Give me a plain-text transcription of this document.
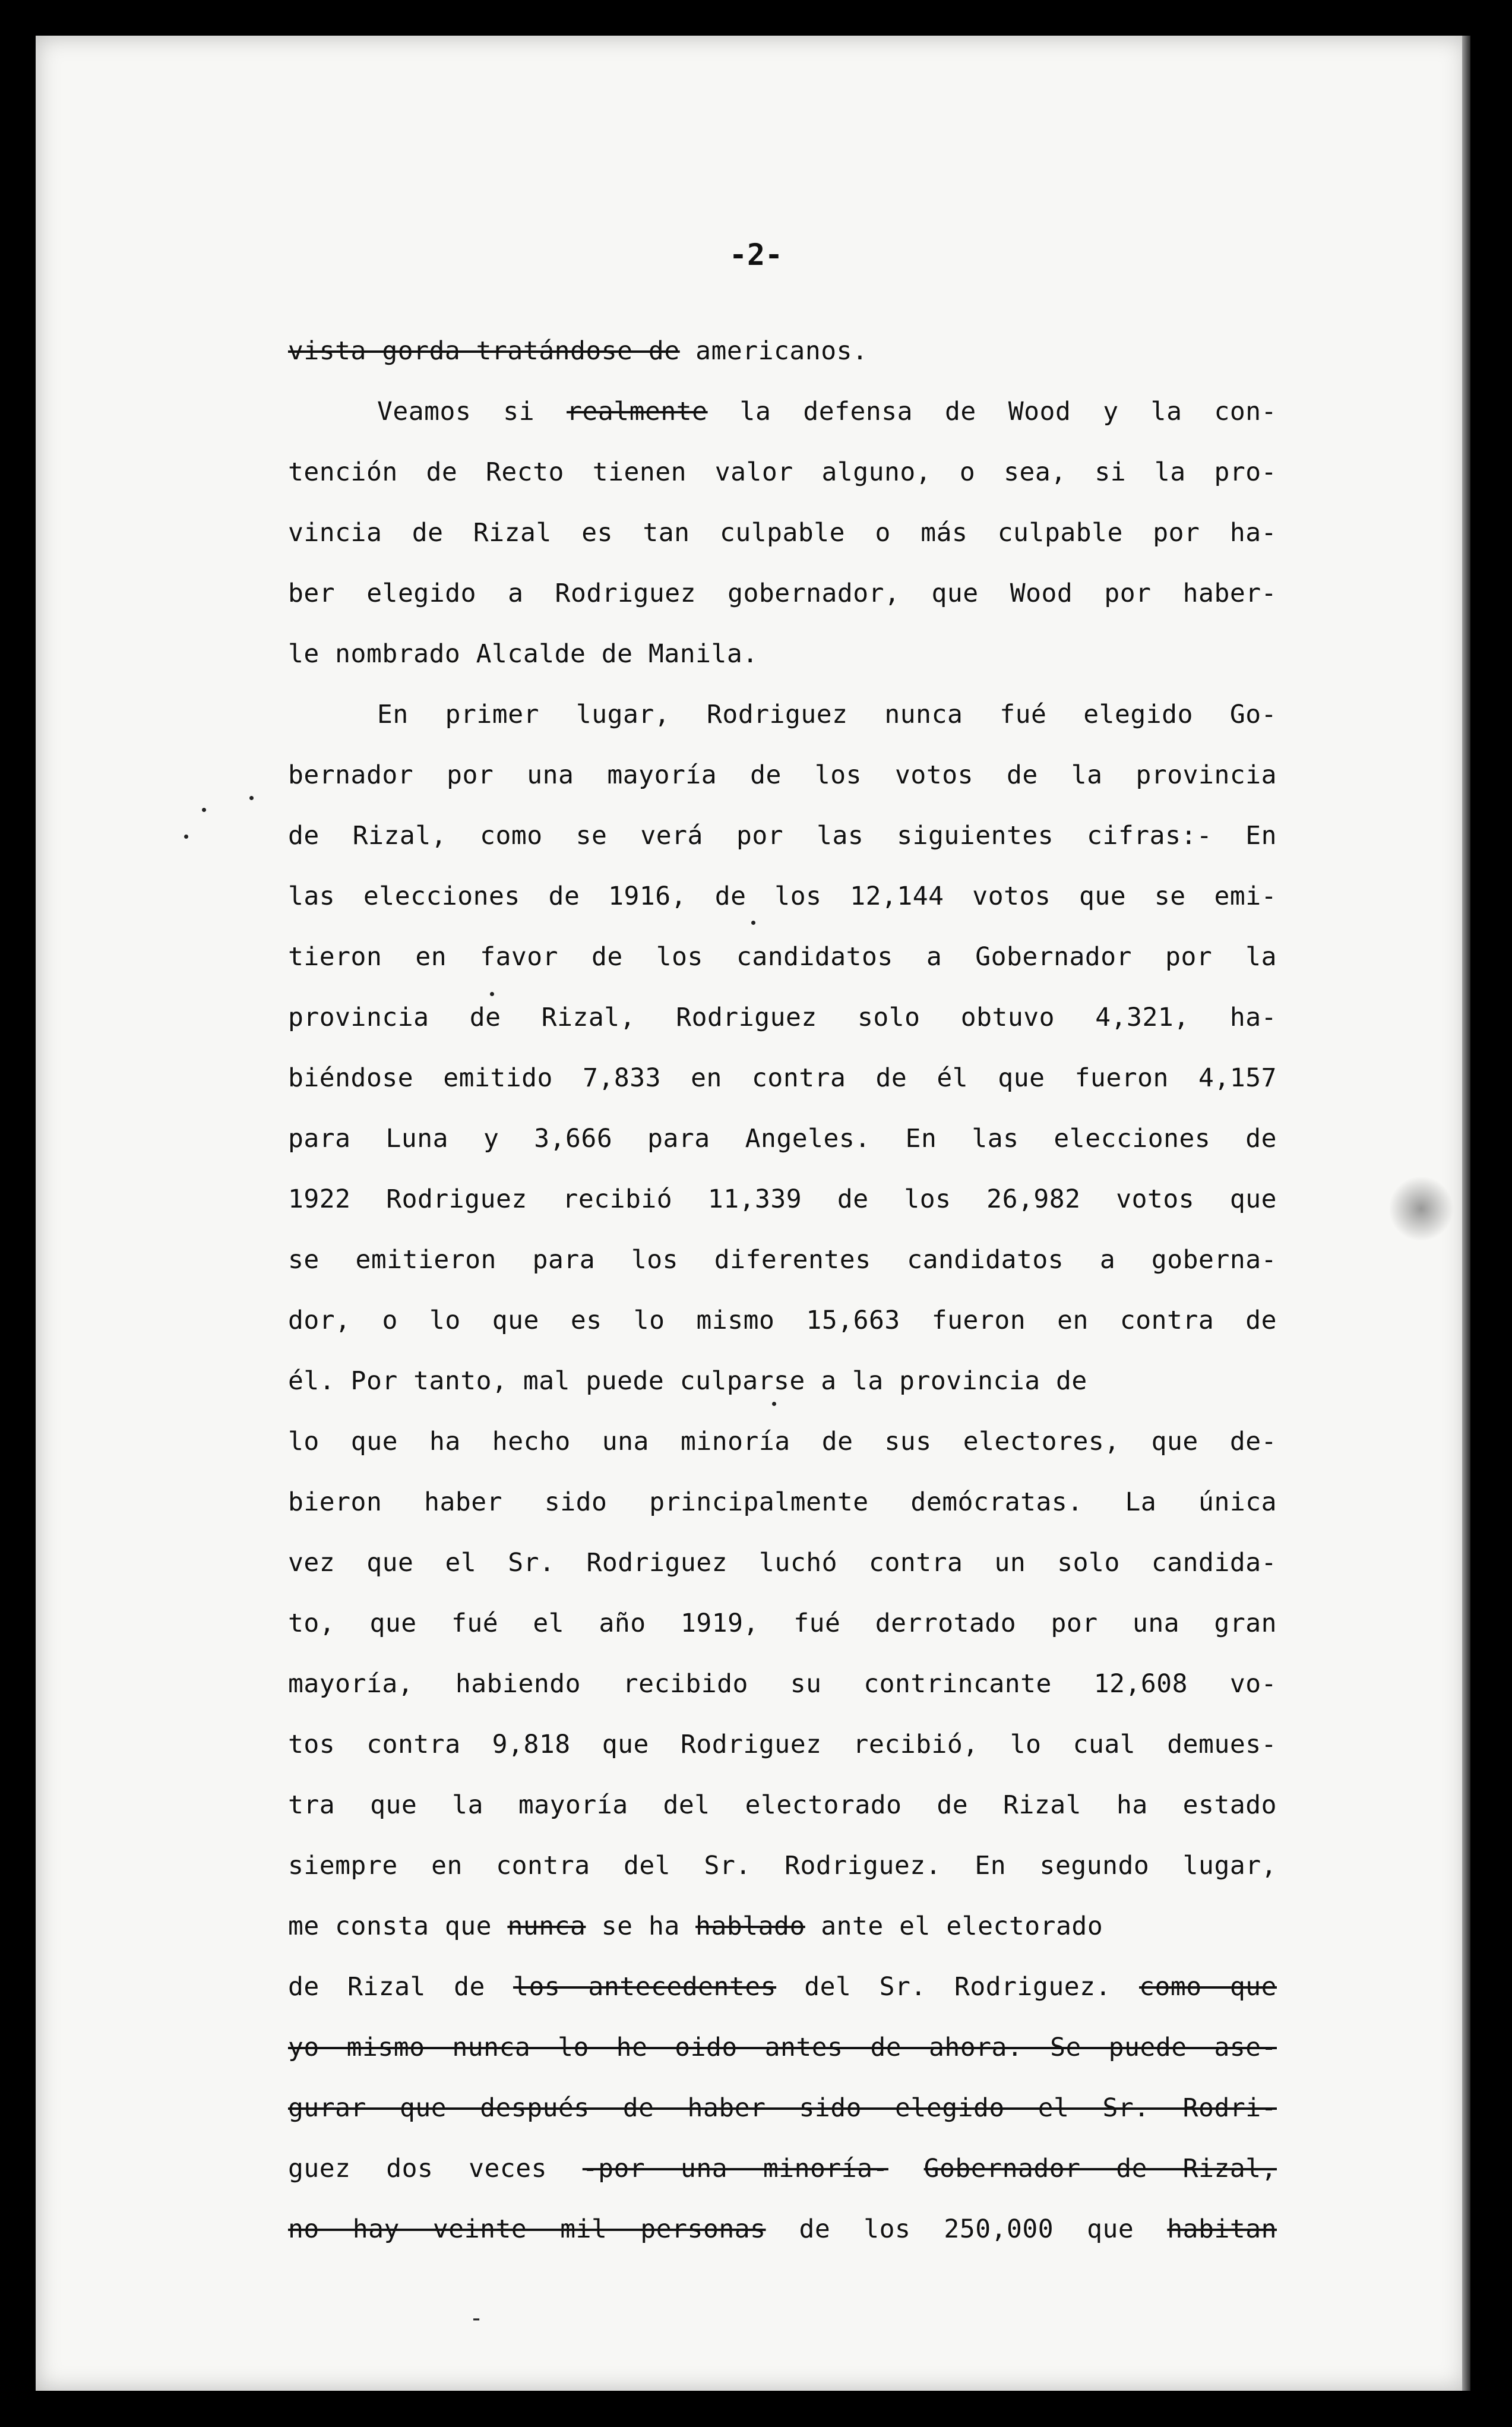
-2-
vista gorda tratándose de americanos.
Veamos si realmente la defensa de Wood y la con-
tención de Recto tienen valor alguno, o sea, si la pro-
vincia de Rizal es tan culpable o más culpable por ha-
ber elegido a Rodriguez gobernador, que Wood por haber-
le nombrado Alcalde de Manila.
En primer lugar, Rodriguez nunca fué elegido Go-
bernador por una mayoría de los votos de la provincia
de Rizal, como se verá por las siguientes cifras:- En
las elecciones de 1916, de los 12,144 votos que se emi-
tieron en favor de los candidatos a Gobernador por la
provincia de Rizal, Rodriguez solo obtuvo 4,321, ha-
biéndose emitido 7,833 en contra de él que fueron 4,157
para Luna y 3,666 para Angeles. En las elecciones de
1922 Rodriguez recibió 11,339 de los 26,982 votos que
se emitieron para los diferentes candidatos a goberna-
dor, o lo que es lo mismo 15,663 fueron en contra de
él. Por tanto, mal puede culparse a la provincia de
lo que ha hecho una minoría de sus electores, que de-
bieron haber sido principalmente demócratas. La única
vez que el Sr. Rodriguez luchó contra un solo candida-
to, que fué el año 1919, fué derrotado por una gran
mayoría, habiendo recibido su contrincante 12,608 vo-
tos contra 9,818 que Rodriguez recibió, lo cual demues-
tra que la mayoría del electorado de Rizal ha estado
siempre en contra del Sr. Rodriguez. En segundo lugar,
me consta que nunca se ha hablado ante el electorado
de Rizal de los antecedentes del Sr. Rodriguez. como que
yo mismo nunca lo he oido antes de ahora. Se puede ase-
gurar que después de haber sido elegido el Sr. Rodri-
guez dos veces -por una minoría- Gobernador de Rizal,
no hay veinte mil personas de los 250,000 que habitan
-
